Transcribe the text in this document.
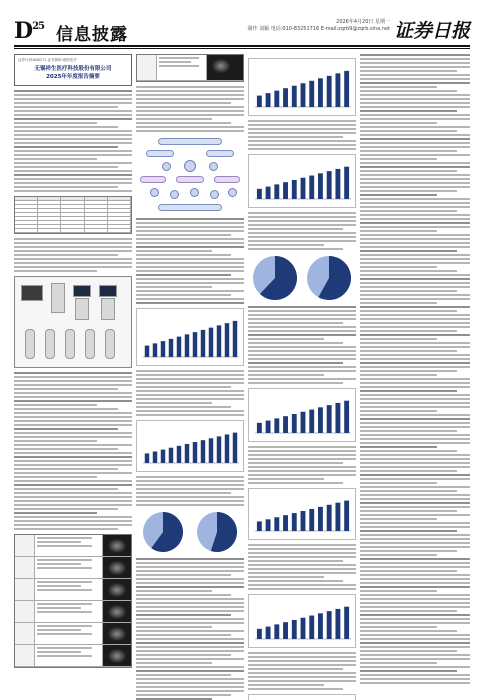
$D^{25}$ 信息披露
2026年4月20日 星期一
制作 刘颖 电话:010-83251716 E-mail:zqrb9@zqrb.sina.net 证券日报
证券代码:688271 证券简称:联影医疗
无锡祥生医疗科技股份有限公司
2025年年度报告摘要
